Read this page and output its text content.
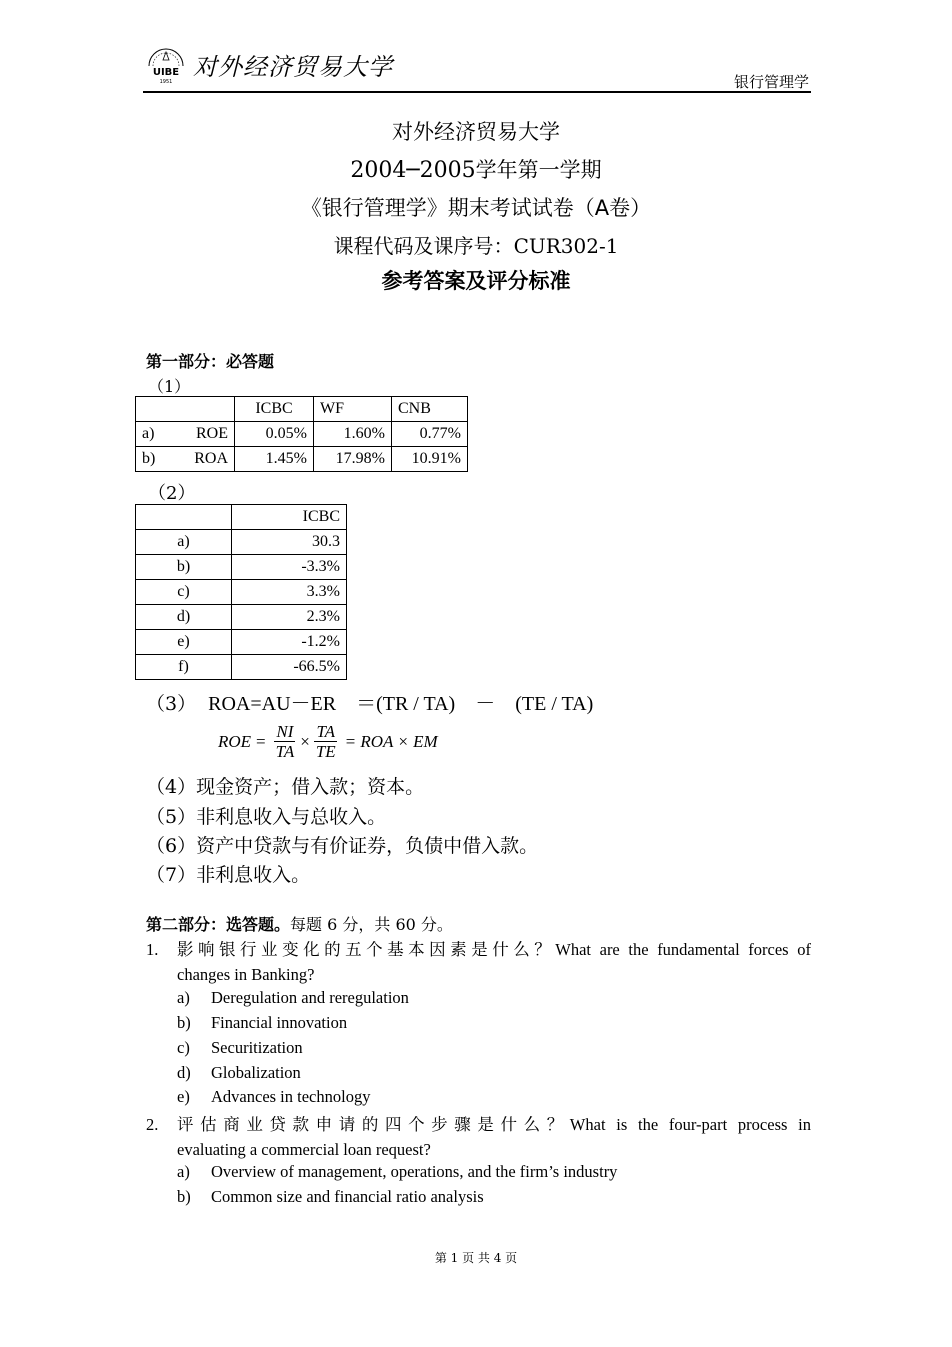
UIBE
1951
对外经济贸易大学
银行管理学
对外经济贸易大学
2004─2005学年第一学期
《银行管理学》期末考试试卷（A卷）
课程代码及课序号：CUR302-1
参考答案及评分标准
第一部分：必答题
（1）
	ICBC	WF	CNB
a) ROE	0.05%	1.60%	0.77%
b) ROA	1.45%	17.98%	10.91%
（2）
	ICBC
a)	30.3
b)	-3.3%
c)	3.3%
d)	2.3%
e)	-1.2%
f)	-66.5%
（3） ROA=AU－ER　＝(TR / TA)　－　(TE / TA)
ROE = $\frac{NI}{TA} \times \frac{TA}{TE}$ = ROA × EM
（4）现金资产；借入款；资本。
（5）非利息收入与总收入。
（6）资产中贷款与有价证券，负债中借入款。
（7）非利息收入。
第二部分：选答题。每题 6 分，共 60 分。
1. 影响银行业变化的五个基本因素是什么？What are the fundamental forces of
changes in Banking?
a) Deregulation and reregulation
b) Financial innovation
c) Securitization
d) Globalization
e) Advances in technology
2. 评估商业贷款申请的四个步骤是什么？What is the four-part process in
evaluating a commercial loan request?
a) Overview of management, operations, and the firm’s industry
b) Common size and financial ratio analysis
第 1 页 共 4 页
